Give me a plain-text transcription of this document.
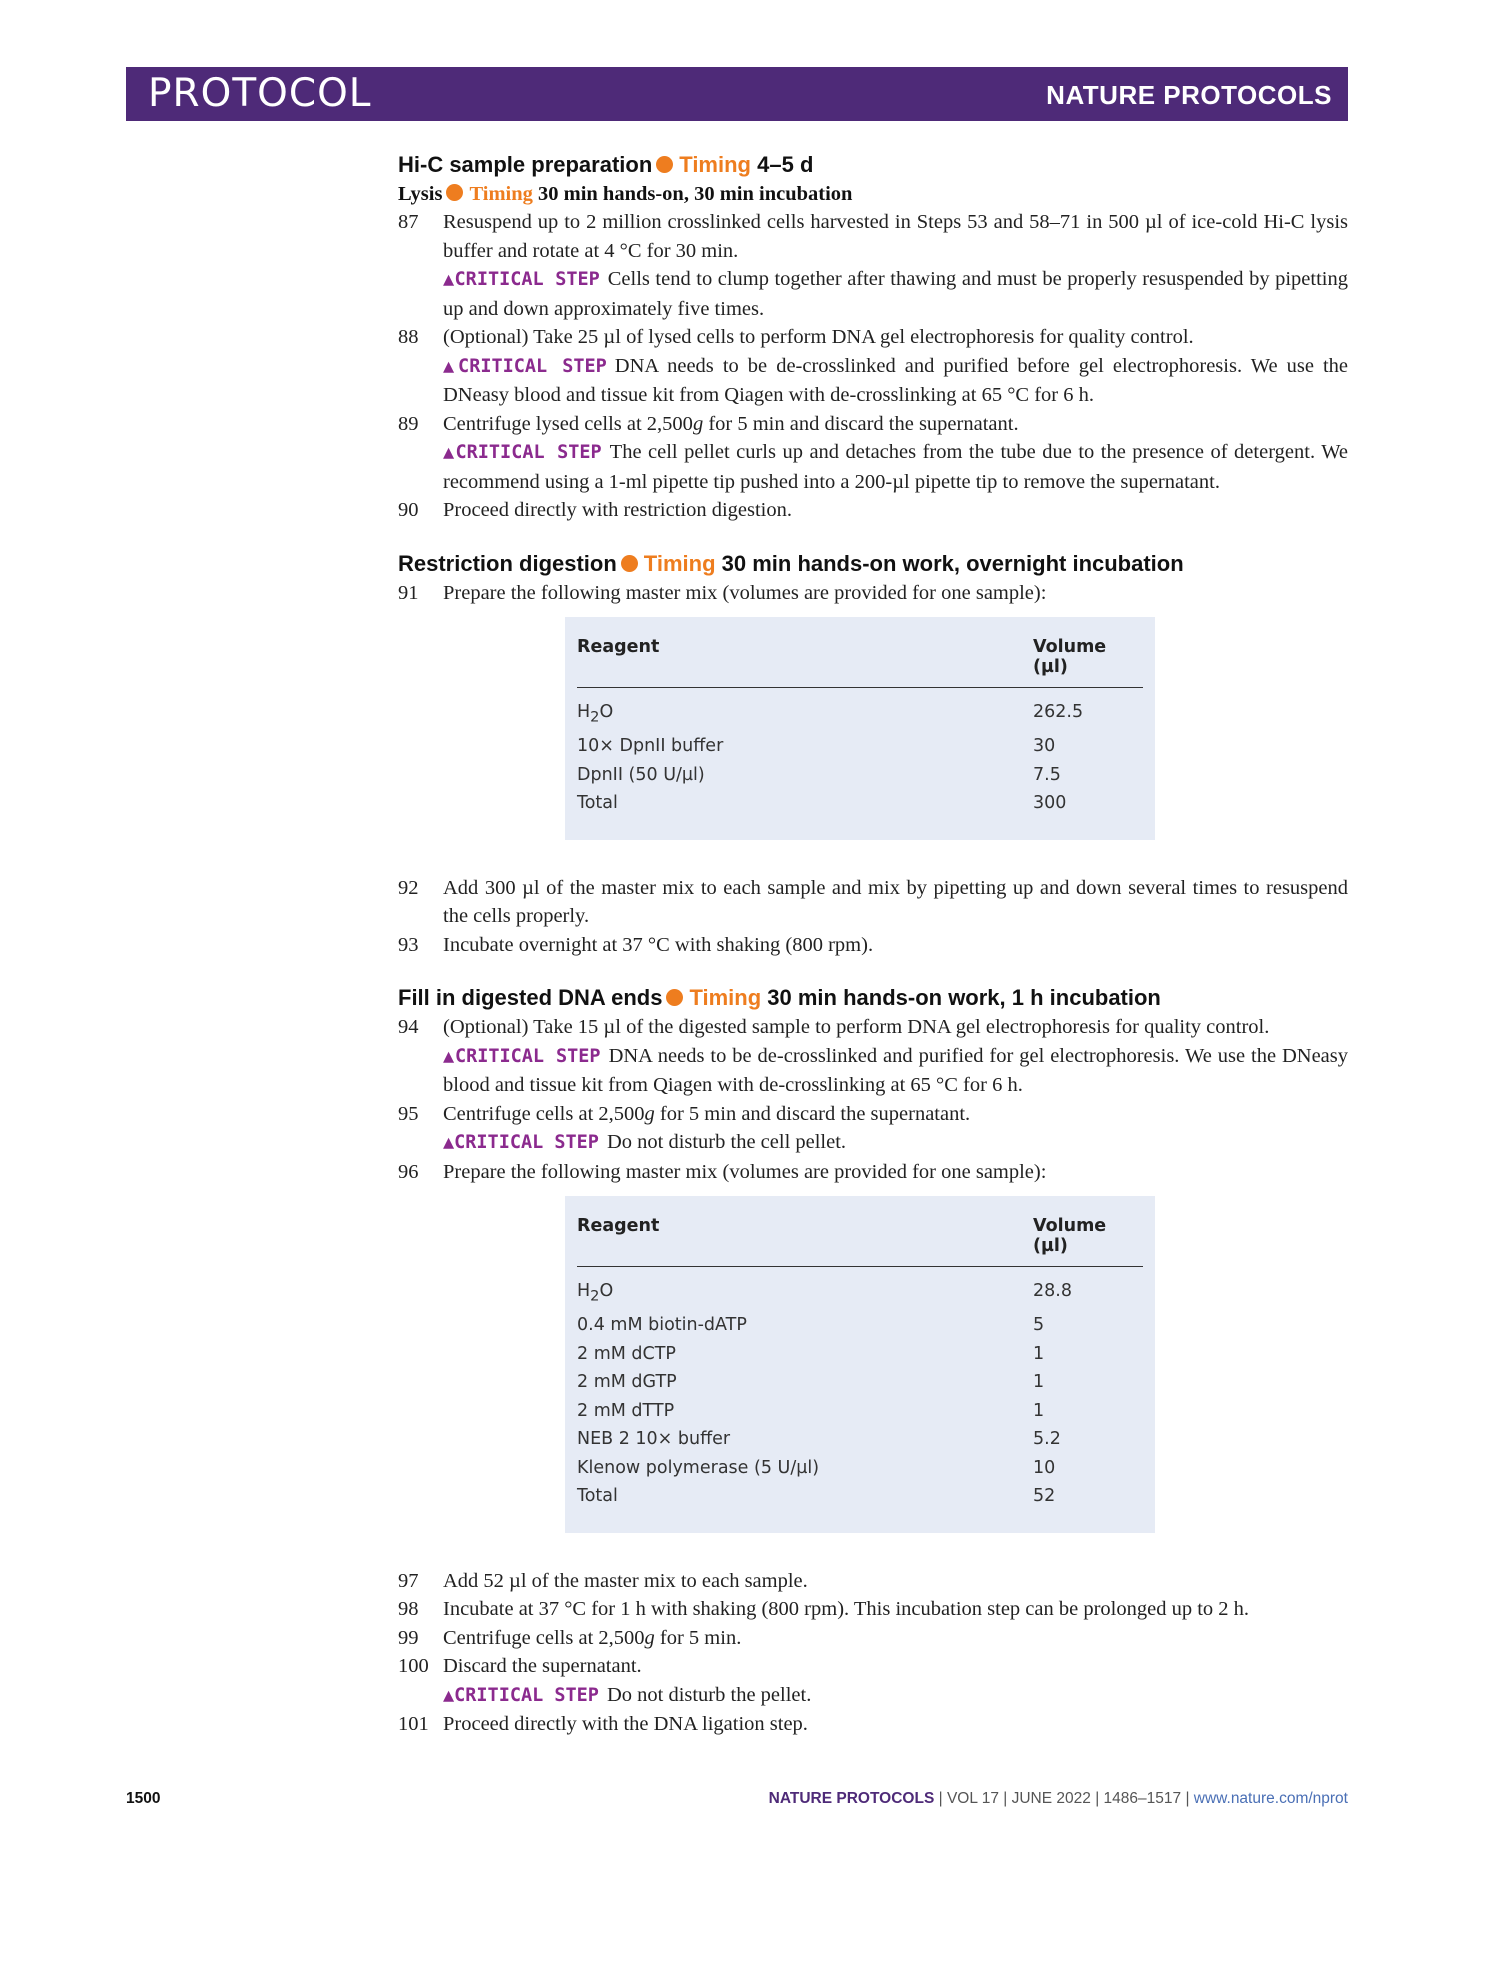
PROTOCOL	NATURE PROTOCOLS
Hi-C sample preparation Timing 4–5 d
Lysis Timing 30 min hands-on, 30 min incubation
87	Resuspend up to 2 million crosslinked cells harvested in Steps 53 and 58–71 in 500 µl of ice-cold Hi-C lysis buffer and rotate at 4 °C for 30 min.
▲CRITICAL STEP Cells tend to clump together after thawing and must be properly resuspended by pipetting up and down approximately five times.
88	(Optional) Take 25 µl of lysed cells to perform DNA gel electrophoresis for quality control.
▲CRITICAL STEP DNA needs to be de-crosslinked and purified before gel electrophoresis. We use the DNeasy blood and tissue kit from Qiagen with de-crosslinking at 65 °C for 6 h.
89	Centrifuge lysed cells at 2,500g for 5 min and discard the supernatant.
▲CRITICAL STEP The cell pellet curls up and detaches from the tube due to the presence of detergent. We recommend using a 1-ml pipette tip pushed into a 200-µl pipette tip to remove the supernatant.
90	Proceed directly with restriction digestion.
Restriction digestion Timing 30 min hands-on work, overnight incubation
91	Prepare the following master mix (volumes are provided for one sample):
Reagent	Volume (µl)
$H_2O$	262.5
10× DpnII buffer	30
DpnII (50 U/µl)	7.5
Total	300
92	Add 300 µl of the master mix to each sample and mix by pipetting up and down several times to resuspend the cells properly.
93	Incubate overnight at 37 °C with shaking (800 rpm).
Fill in digested DNA ends Timing 30 min hands-on work, 1 h incubation
94	(Optional) Take 15 µl of the digested sample to perform DNA gel electrophoresis for quality control.
▲CRITICAL STEP DNA needs to be de-crosslinked and purified for gel electrophoresis. We use the DNeasy blood and tissue kit from Qiagen with de-crosslinking at 65 °C for 6 h.
95	Centrifuge cells at 2,500g for 5 min and discard the supernatant.
▲CRITICAL STEP Do not disturb the cell pellet.
96	Prepare the following master mix (volumes are provided for one sample):
Reagent	Volume (µl)
$H_2O$	28.8
0.4 mM biotin-dATP	5
2 mM dCTP	1
2 mM dGTP	1
2 mM dTTP	1
NEB 2 10× buffer	5.2
Klenow polymerase (5 U/µl)	10
Total	52
97	Add 52 µl of the master mix to each sample.
98	Incubate at 37 °C for 1 h with shaking (800 rpm). This incubation step can be prolonged up to 2 h.
99	Centrifuge cells at 2,500g for 5 min.
100 Discard the supernatant.
▲CRITICAL STEP Do not disturb the pellet.
101 Proceed directly with the DNA ligation step.
1500	NATURE PROTOCOLS | VOL 17 | JUNE 2022 | 1486–1517 | www.nature.com/nprot
